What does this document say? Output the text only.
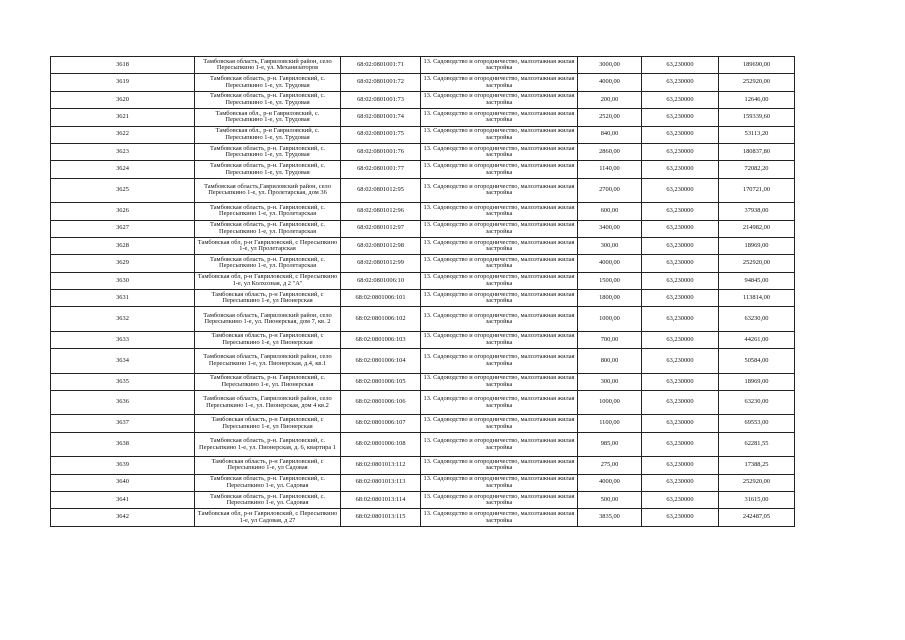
3618	Тамбовская область, Гавриловский район, село Пересыпкино 1-е, ул. Механизаторов	68:02:0801001:71	13. Садоводство и огородничество, малоэтажная жилая застройка	3000,00	63,230000	189690,00
3619	Тамбовская область, р-н. Гавриловский, с. Пересыпкино 1-е, ул. Трудовая	68:02:0801001:72	13. Садоводство и огородничество, малоэтажная жилая застройка	4000,00	63,230000	252920,00
3620	Тамбовская область, р-н. Гавриловский, с. Пересыпкино 1-е, ул. Трудовая	68:02:0801001:73	13. Садоводство и огородничество, малоэтажная жилая застройка	200,00	63,230000	12646,00
3621	Тамбовская обл., р-н Гавриловский, с. Пересыпкино 1-е, ул. Трудовая	68:02:0801001:74	13. Садоводство и огородничество, малоэтажная жилая застройка	2520,00	63,230000	159339,60
3622	Тамбовская обл., р-н Гавриловский, с. Пересыпкино 1-е, ул. Трудовая	68:02:0801001:75	13. Садоводство и огородничество, малоэтажная жилая застройка	840,00	63,230000	53113,20
3623	Тамбовская область, р-н. Гавриловский, с. Пересыпкино 1-е, ул. Трудовая	68:02:0801001:76	13. Садоводство и огородничество, малоэтажная жилая застройка	2860,00	63,230000	180837,80
3624	Тамбовская область, р-н. Гавриловский, с. Пересыпкино 1-е, ул. Трудовая	68:02:0801001:77	13. Садоводство и огородничество, малоэтажная жилая застройка	1140,00	63,230000	72082,20
3625	Тамбовская область,Гавриловский район, село Пересыпкино 1-е, ул. Пролетарская, дом 36	68:02:0801012:95	13. Садоводство и огородничество, малоэтажная жилая застройка	2700,00	63,230000	170721,00
3626	Тамбовская область, р-н. Гавриловский, с. Пересыпкино 1-е, ул. Пролетарская	68:02:0801012:96	13. Садоводство и огородничество, малоэтажная жилая застройка	600,00	63,230000	37938,00
3627	Тамбовская область, р-н. Гавриловский, с. Пересыпкино 1-е, ул. Пролетарская	68:02:0801012:97	13. Садоводство и огородничество, малоэтажная жилая застройка	3400,00	63,230000	214982,00
3628	Тамбовская обл, р-н Гавриловский, с Пересыпкино 1-е, ул Пролетарская	68:02:0801012:98	13. Садоводство и огородничество, малоэтажная жилая застройка	300,00	63,230000	18969,00
3629	Тамбовская область, р-н. Гавриловский, с. Пересыпкино 1-е, ул. Пролетарская	68:02:0801012:99	13. Садоводство и огородничество, малоэтажная жилая застройка	4000,00	63,230000	252920,00
3630	Тамбовская обл, р-н Гавриловский, с Пересыпкино 1-е, ул Колхозная, д 2 "А"	68:02:0801006:10	13. Садоводство и огородничество, малоэтажная жилая застройка	1500,00	63,230000	94845,00
3631	Тамбовская область, р-н Гавриловский, с Пересыпкино 1-е, ул Пионерская	68:02:0801006:101	13. Садоводство и огородничество, малоэтажная жилая застройка	1800,00	63,230000	113814,00
3632	Тамбовская область, Гавриловский район, село Пересыпкино 1-е, ул. Пионерская, дом 7, кв. 2	68:02:0801006:102	13. Садоводство и огородничество, малоэтажная жилая застройка	1000,00	63,230000	63230,00
3633	Тамбовская область, р-н Гавриловский, с Пересыпкино 1-е, ул Пионерская	68:02:0801006:103	13. Садоводство и огородничество, малоэтажная жилая застройка	700,00	63,230000	44261,00
3634	Тамбовская область, Гавриловский район, село Пересыпкино 1-е, ул. Пионерская, д.4, кв.1	68:02:0801006:104	13. Садоводство и огородничество, малоэтажная жилая застройка	800,00	63,230000	50584,00
3635	Тамбовская область, р-н. Гавриловский, с. Пересыпкино 1-е, ул. Пионерская	68:02:0801006:105	13. Садоводство и огородничество, малоэтажная жилая застройка	300,00	63,230000	18969,00
3636	Тамбовская область, Гавриловский район, село Пересыпкино 1-е, ул. Пионерская, дом 4 кв.2	68:02:0801006:106	13. Садоводство и огородничество, малоэтажная жилая застройка	1000,00	63,230000	63230,00
3637	Тамбовская область, р-н Гавриловский, с Пересыпкино 1-е, ул Пионерская	68:02:0801006:107	13. Садоводство и огородничество, малоэтажная жилая застройка	1100,00	63,230000	69553,00
3638	Тамбовская область, р-н. Гавриловский, с. Пересыпкино 1-е, ул. Пионерская, д. 6, квартира 1	68:02:0801006:108	13. Садоводство и огородничество, малоэтажная жилая застройка	985,00	63,230000	62281,55
3639	Тамбовская область, р-н Гавриловский, с Пересыпкино 1-е, ул Садовая	68:02:0801013:112	13. Садоводство и огородничество, малоэтажная жилая застройка	275,00	63,230000	17388,25
3640	Тамбовская область, р-н. Гавриловский, с. Пересыпкино 1-е, ул. Садовая	68:02:0801013:113	13. Садоводство и огородничество, малоэтажная жилая застройка	4000,00	63,230000	252920,00
3641	Тамбовская область, р-н. Гавриловский, с. Пересыпкино 1-е, ул. Садовая	68:02:0801013:114	13. Садоводство и огородничество, малоэтажная жилая застройка	500,00	63,230000	31615,00
3642	Тамбовская обл, р-н Гавриловский, с Пересыпкино 1-е, ул Садовая, д 27	68:02:0801013:115	13. Садоводство и огородничество, малоэтажная жилая застройка	3835,00	63,230000	242487,05
